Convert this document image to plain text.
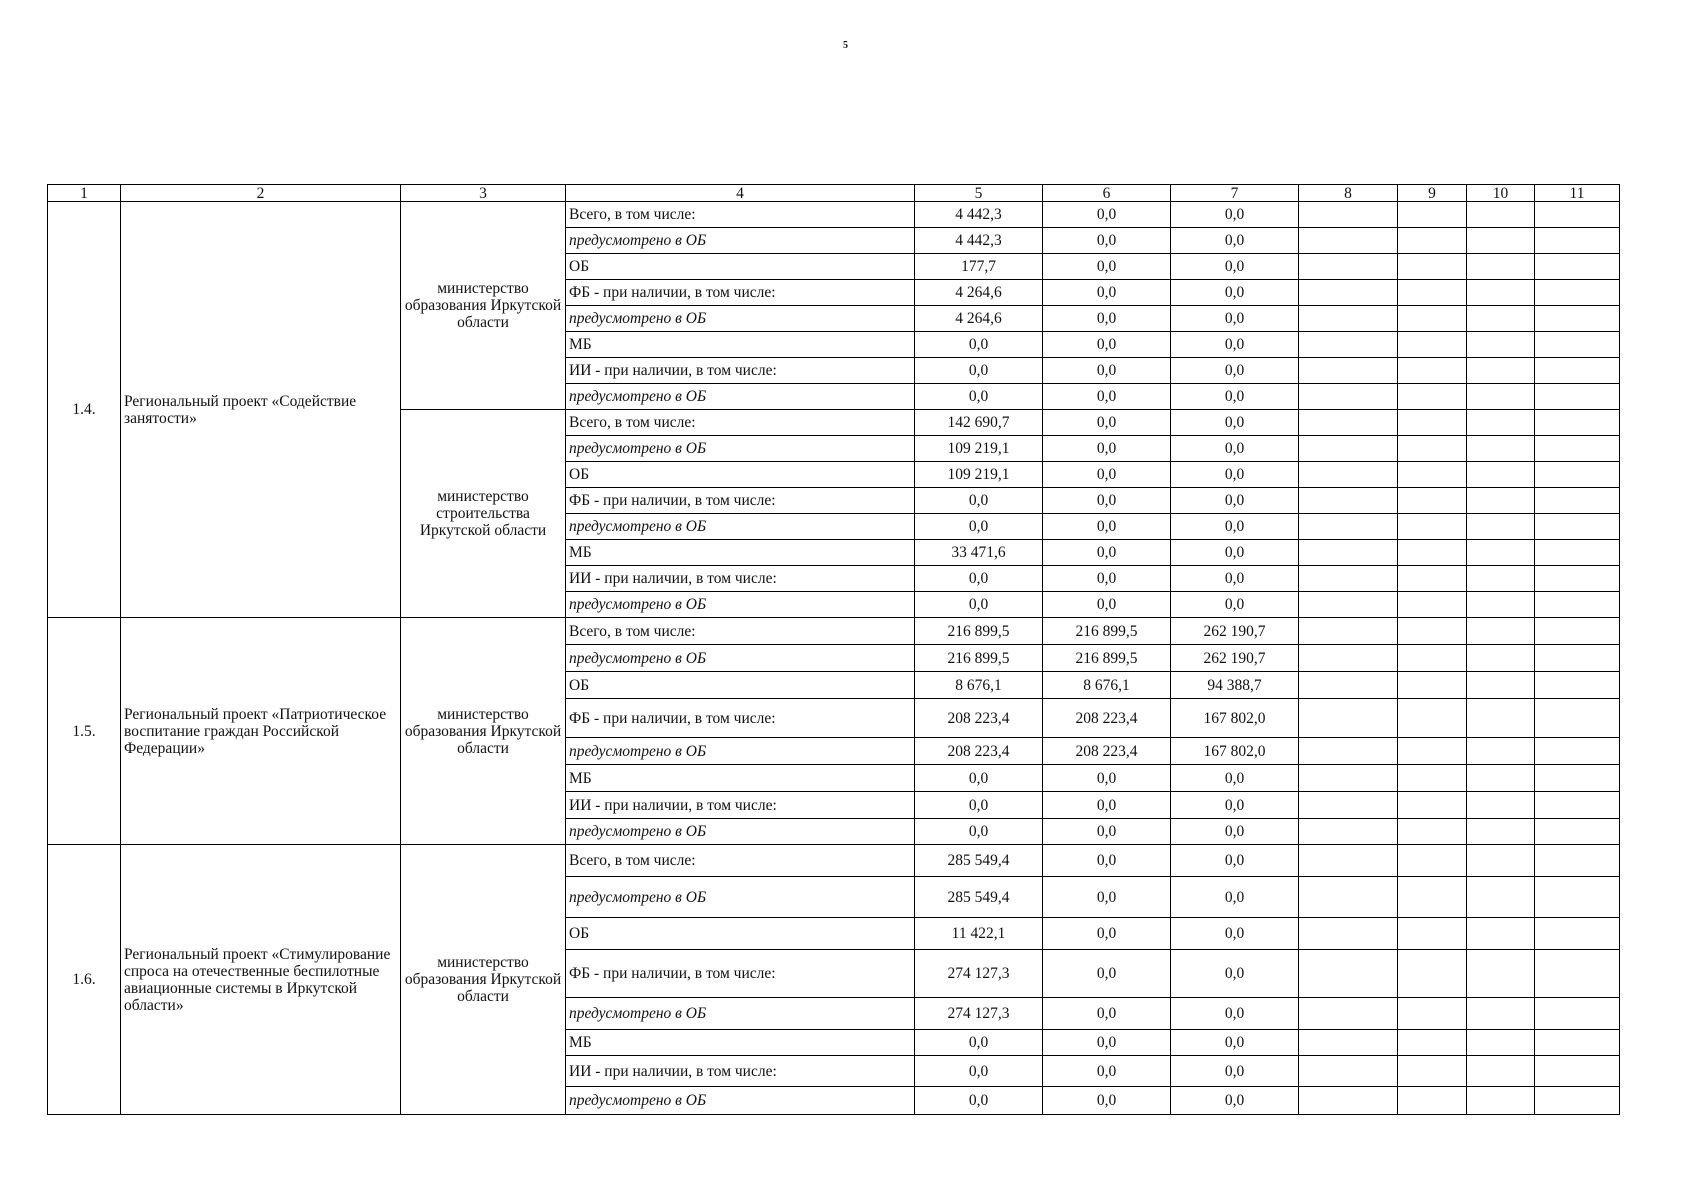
5
1	2	3	4	5	6	7	8	9	10	11
1.4.	Региональный проект «Содействие занятости»	министерство образования Иркутской области	Всего, в том числе:	4 442,3	0,0	0,0				
			предусмотрено в ОБ	4 442,3	0,0	0,0				
			ОБ	177,7	0,0	0,0				
			ФБ - при наличии, в том числе:	4 264,6	0,0	0,0				
			предусмотрено в ОБ	4 264,6	0,0	0,0				
			МБ	0,0	0,0	0,0				
			ИИ - при наличии, в том числе:	0,0	0,0	0,0				
			предусмотрено в ОБ	0,0	0,0	0,0				
		министерство строительства Иркутской области	Всего, в том числе:	142 690,7	0,0	0,0				
			предусмотрено в ОБ	109 219,1	0,0	0,0				
			ОБ	109 219,1	0,0	0,0				
			ФБ - при наличии, в том числе:	0,0	0,0	0,0				
			предусмотрено в ОБ	0,0	0,0	0,0				
			МБ	33 471,6	0,0	0,0				
			ИИ - при наличии, в том числе:	0,0	0,0	0,0				
			предусмотрено в ОБ	0,0	0,0	0,0				
1.5.	Региональный проект «Патриотическое воспитание граждан Российской Федерации»	министерство образования Иркутской области	Всего, в том числе:	216 899,5	216 899,5	262 190,7				
			предусмотрено в ОБ	216 899,5	216 899,5	262 190,7				
			ОБ	8 676,1	8 676,1	94 388,7				
			ФБ - при наличии, в том числе:	208 223,4	208 223,4	167 802,0				
			предусмотрено в ОБ	208 223,4	208 223,4	167 802,0				
			МБ	0,0	0,0	0,0				
			ИИ - при наличии, в том числе:	0,0	0,0	0,0				
			предусмотрено в ОБ	0,0	0,0	0,0				
1.6.	Региональный проект «Стимулирование спроса на отечественные беспилотные авиационные системы в Иркутской области»	министерство образования Иркутской области	Всего, в том числе:	285 549,4	0,0	0,0				
			предусмотрено в ОБ	285 549,4	0,0	0,0				
			ОБ	11 422,1	0,0	0,0				
			ФБ - при наличии, в том числе:	274 127,3	0,0	0,0				
			предусмотрено в ОБ	274 127,3	0,0	0,0				
			МБ	0,0	0,0	0,0				
			ИИ - при наличии, в том числе:	0,0	0,0	0,0				
			предусмотрено в ОБ	0,0	0,0	0,0				
